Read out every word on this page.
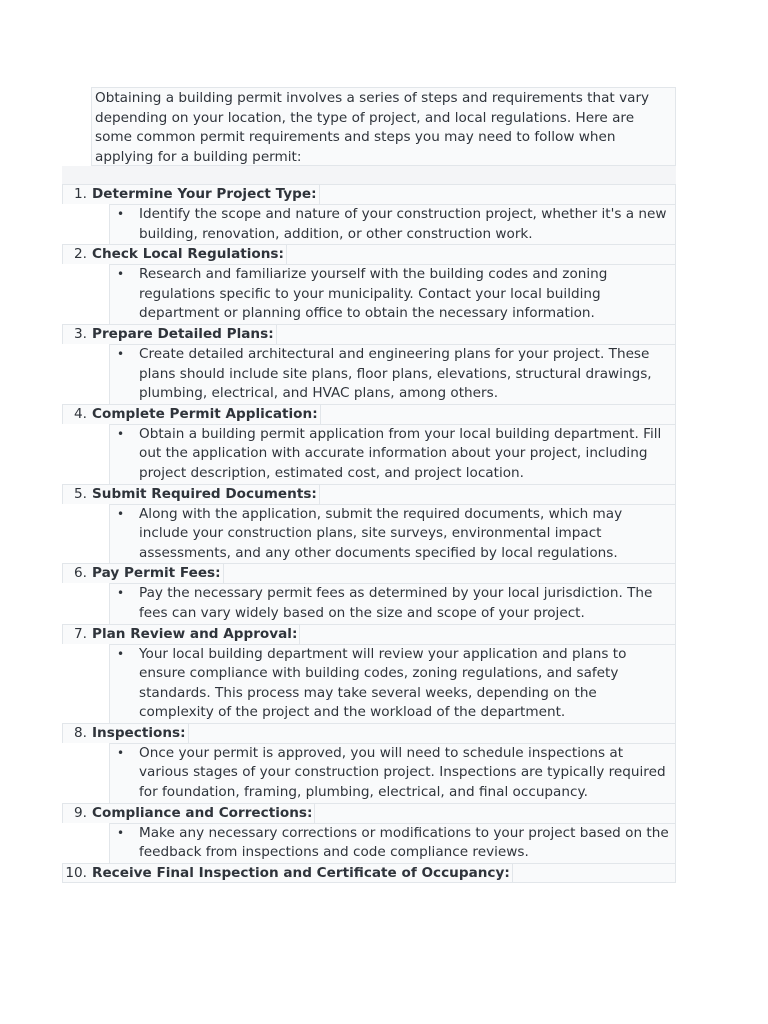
Obtaining a building permit involves a series of steps and requirements that vary depending on your location, the type of project, and local regulations. Here are some common permit requirements and steps you may need to follow when applying for a building permit:
1. Determine Your Project Type:
• Identify the scope and nature of your construction project, whether it's a new building, renovation, addition, or other construction work.
2. Check Local Regulations:
• Research and familiarize yourself with the building codes and zoning regulations specific to your municipality. Contact your local building department or planning office to obtain the necessary information.
3. Prepare Detailed Plans:
• Create detailed architectural and engineering plans for your project. These plans should include site plans, floor plans, elevations, structural drawings, plumbing, electrical, and HVAC plans, among others.
4. Complete Permit Application:
• Obtain a building permit application from your local building department. Fill out the application with accurate information about your project, including project description, estimated cost, and project location.
5. Submit Required Documents:
• Along with the application, submit the required documents, which may include your construction plans, site surveys, environmental impact assessments, and any other documents specified by local regulations.
6. Pay Permit Fees:
• Pay the necessary permit fees as determined by your local jurisdiction. The fees can vary widely based on the size and scope of your project.
7. Plan Review and Approval:
• Your local building department will review your application and plans to ensure compliance with building codes, zoning regulations, and safety standards. This process may take several weeks, depending on the complexity of the project and the workload of the department.
8. Inspections:
• Once your permit is approved, you will need to schedule inspections at various stages of your construction project. Inspections are typically required for foundation, framing, plumbing, electrical, and final occupancy.
9. Compliance and Corrections:
• Make any necessary corrections or modifications to your project based on the feedback from inspections and code compliance reviews.
10. Receive Final Inspection and Certificate of Occupancy:
